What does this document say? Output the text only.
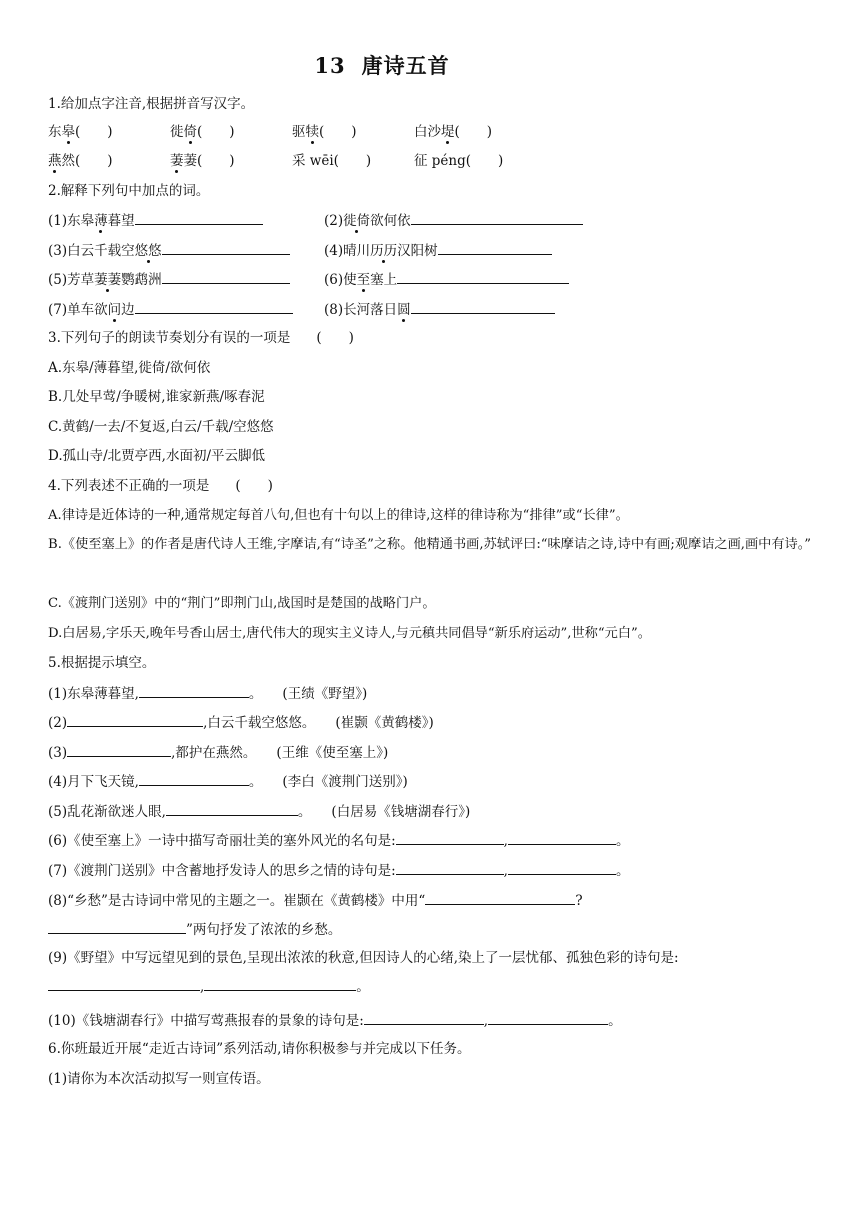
13 唐诗五首
1.给加点字注音,根据拼音写汉字。
东皋(　　)	徙倚(　　)	驱犊(　　)	白沙堤(　　)
燕然(　　)	萋萋(　　)	采 wēi(　　)	征 péng(　　)
2.解释下列句中加点的词。
(1)东皋薄暮望	(2)徙倚欲何依
(3)白云千载空悠悠	(4)晴川历历汉阳树
(5)芳草萋萋鹦鹉洲	(6)使至塞上
(7)单车欲问边	(8)长河落日圆
3.下列句子的朗读节奏划分有误的一项是 (　　)
A.东皋/薄暮望,徙倚/欲何依
B.几处早莺/争暖树,谁家新燕/啄春泥
C.黄鹤/一去/不复返,白云/千载/空悠悠
D.孤山寺/北贾亭西,水面初/平云脚低
4.下列表述不正确的一项是 (　　)
A.律诗是近体诗的一种,通常规定每首八句,但也有十句以上的律诗,这样的律诗称为“排律”或“长律”。
B.《使至塞上》的作者是唐代诗人王维,字摩诘,有“诗圣”之称。他精通书画,苏轼评曰:“味摩诘之诗,诗中有画;观摩诘之画,画中有诗。”
C.《渡荆门送别》中的“荆门”即荆门山,战国时是楚国的战略门户。
D.白居易,字乐天,晚年号香山居士,唐代伟大的现实主义诗人,与元稹共同倡导“新乐府运动”,世称“元白”。
5.根据提示填空。
(1)东皋薄暮望,	。 (王绩《野望》)
(2)	,白云千载空悠悠。 (崔颢《黄鹤楼》)
(3)	,都护在燕然。 (王维《使至塞上》)
(4)月下飞天镜,	。 (李白《渡荆门送别》)
(5)乱花渐欲迷人眼,	。 (白居易《钱塘湖春行》)
(6)《使至塞上》一诗中描写奇丽壮美的塞外风光的名句是:	,	。
(7)《渡荆门送别》中含蓄地抒发诗人的思乡之情的诗句是:	,	。
(8)“乡愁”是古诗词中常见的主题之一。崔颢在《黄鹤楼》中用“	?
”两句抒发了浓浓的乡愁。
(9)《野望》中写远望见到的景色,呈现出浓浓的秋意,但因诗人的心绪,染上了一层忧郁、孤独色彩的诗句是:,	。
(10)《钱塘湖春行》中描写莺燕报春的景象的诗句是:	,	。
6.你班最近开展“走近古诗词”系列活动,请你积极参与并完成以下任务。
(1)请你为本次活动拟写一则宣传语。
